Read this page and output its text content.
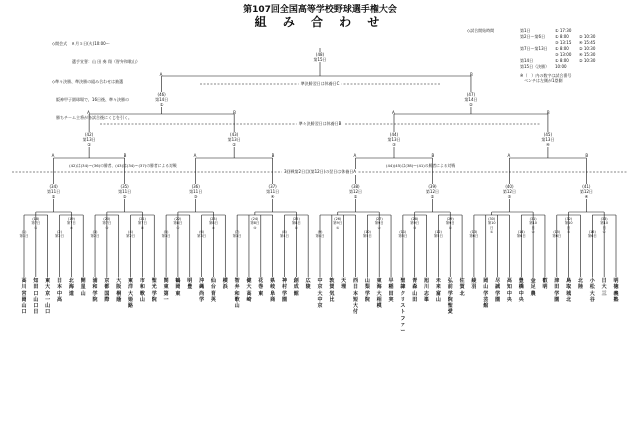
第107回全国高等学校野球選手権大会
組 み 合 わ せ

◇開会式　８月５日(火)10:00〜

　　　　　選手宣誓：山 田 奏 翔（智弁和歌山）

◇準々決勝、準決勝の組み合わせは抽選

　阪神甲子園球場で、16日後、準々決勝の

　勝ちチーム主将が各試合後にくじを引く。

◇試合開始時間	第1日	① 17:30
第2日〜第6日	① 8:00	② 10:30
③ 13:15	④ 15:45
第7日〜第13日	① 8:00	② 10:30
③ 13:00	④ 15:30
第14日	① 8:00	② 10:30
第15日（決勝）	10:00
※（　）内の数字は試合番号
　ベンチは左側が1塁側
高川宮岡山口
知田口山口日
東大京一山口
日本中高
北海道
開星山
浦和学院
京都国際
大阪桐蔭
東洋大姫路
市和歌山
聖光学院
関東第一
鶴岡東
明豊
沖縄尚学
仙台育英
横浜
智弁和歌山
健大高崎
花巻東
県岐阜商
神村学園
創成館
広陵
中京大中京
敦賀気比
天理
西日本短大付
山梨学院
東海大相模
早稲田実
聖隷クリストファー
青森山田
旭川志峯
未来富山
弘前学院聖愛
佐賀北
綾羽
岡山学芸館
尽誠学園
高知中央
豊橋中央
金足農
叡明
津田学園
鳥取城北
北陸
小松大谷
日大三
明徳義塾
(34)
第11日
①
(18)
第7日
①
(1)
第1日
(19)
第7日
②
(2)
第2日
(35)
第11日
②
(20)
第7日
③
(3)
第2日
(21)
第7日
④
(4)
第2日
(36)
第11日
③
(22)
第8日
①
(5)
第3日
(23)
第8日
②
(6)
第3日
(37)
第11日
④
(24)
第8日
③
(7)
第3日
(25)
第8日
④
(8)
第4日
(38)
第12日
①
(26)
第9日
①
(9)
第4日
(27)
第9日
②
(10)
第5日
(39)
第12日
②
(28)
第9日
③
(11)
第5日
(29)
第9日
④
(12)
第5日
(40)
第12日
③
(30)
第10日
①
(13)
第6日
(31)
第10日
②
(14)
第6日
(41)
第12日
④
(32)
第10日
③
(15)
第6日
(33)
第10日
④
(16)
第6日
(42)
第13日
①
A	B
(43)
第13日
②
A	B
(44)
第13日
③
A	B
(45)
第13日
④
A	B
(42)は(34)〜(36)の勝者、(43)は(34)〜(37)の勝者による対戦	(44)(45)は(38)〜(41)の勝者による対戦
3回戦第2日目(第12日)の翌日は休養日A
準々決勝翌日は休養日B
(46)
第14日
①
A	B
(47)
第14日
②
A	B
準決勝翌日は休養日C
(48)
第15日
A	B
